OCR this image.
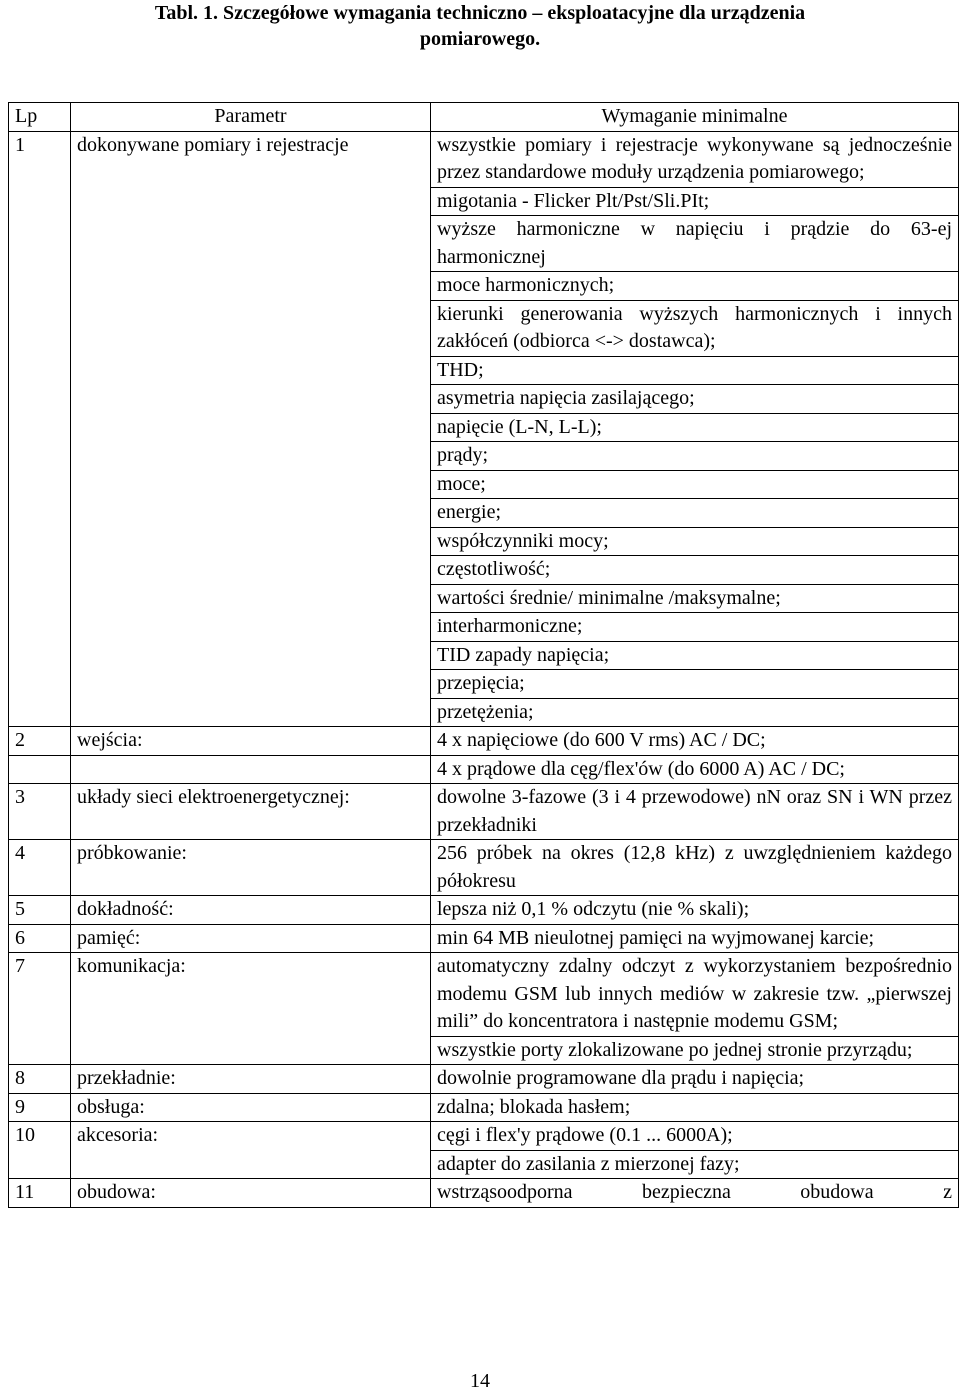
Tabl. 1. Szczegółowe wymagania techniczno – eksploatacyjne dla urządzenia
pomiarowego.
Lp	Parametr	Wymaganie minimalne
1	dokonywane pomiary i rejestracje	wszystkie pomiary i rejestracje wykonywane są jednocześnie przez standardowe moduły urządzenia pomiarowego;
		migotania - Flicker Plt/Pst/Sli.PIt;
		wyższe harmoniczne w napięciu i prądzie do 63-ej harmonicznej
		moce harmonicznych;
		kierunki generowania wyższych harmonicznych i innych zakłóceń (odbiorca <-> dostawca);
		THD;
		asymetria napięcia zasilającego;
		napięcie (L-N, L-L);
		prądy;
		moce;
		energie;
		współczynniki mocy;
		częstotliwość;
		wartości średnie/ minimalne /maksymalne;
		interharmoniczne;
		TID zapady napięcia;
		przepięcia;
		przetężenia;
2	wejścia:	4 x napięciowe (do 600 V rms) AC / DC;
		4 x prądowe dla cęg/flex'ów (do 6000 A) AC / DC;
3	układy sieci elektroenergetycznej:	dowolne 3-fazowe (3 i 4 przewodowe) nN oraz SN i WN przez przekładniki
4	próbkowanie:	256 próbek na okres (12,8 kHz) z uwzględnieniem każdego półokresu
5	dokładność:	lepsza niż 0,1 % odczytu (nie % skali);
6	pamięć:	min 64 MB nieulotnej pamięci na wyjmowanej karcie;
7	komunikacja:	automatyczny zdalny odczyt z wykorzystaniem bezpośrednio modemu GSM lub innych mediów w zakresie tzw. „pierwszej mili” do koncentratora i następnie modemu GSM;
		wszystkie porty zlokalizowane po jednej stronie przyrządu;
8	przekładnie:	dowolnie programowane dla prądu i napięcia;
9	obsługa:	zdalna; blokada hasłem;
10	akcesoria:	cęgi i flex'y prądowe (0.1 ... 6000A);
		adapter do zasilania z mierzonej fazy;
11	obudowa:	wstrząsoodporna bezpieczna obudowa z
14
